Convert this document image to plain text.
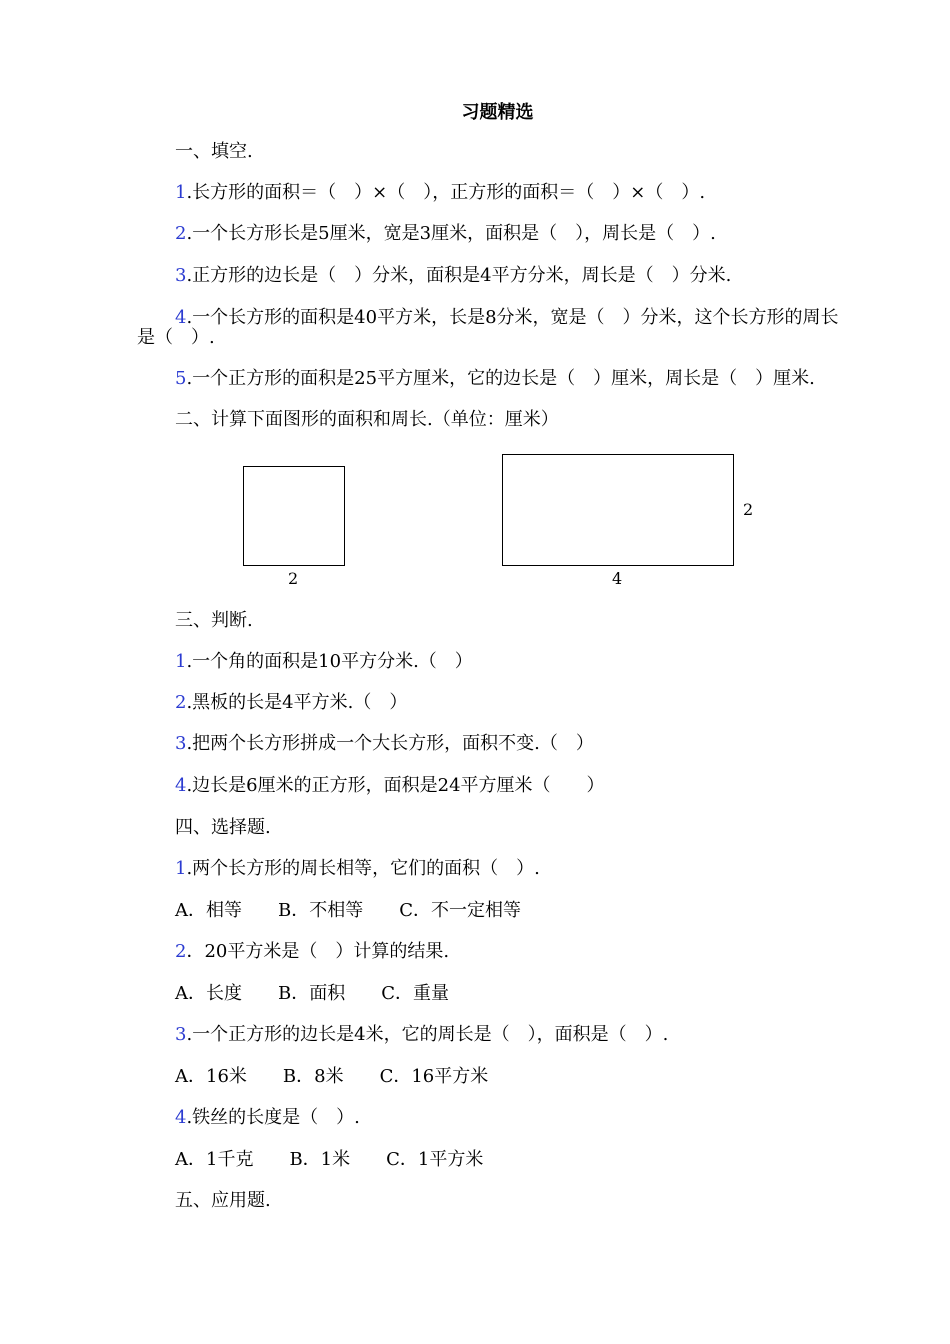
习题精选
一、填空.
1.长方形的面积＝（　）×（　），正方形的面积＝（　）×（　）.
2.一个长方形长是5厘米，宽是3厘米，面积是（　），周长是（　）.
3.正方形的边长是（　）分米，面积是4平方分米，周长是（　）分米.
4.一个长方形的面积是40平方米，长是8分米，宽是（　）分米，这个长方形的周长
是（　）.
5.一个正方形的面积是25平方厘米，它的边长是（　）厘米，周长是（　）厘米.
二、计算下面图形的面积和周长.（单位：厘米）
2	4
2
三、判断.
1.一个角的面积是10平方分米.（　）
2.黑板的长是4平方米.（　）
3.把两个长方形拼成一个大长方形，面积不变.（　）
4.边长是6厘米的正方形，面积是24平方厘米（　　）
四、选择题.
1.两个长方形的周长相等，它们的面积（　）.
A．相等　　B．不相等　　C．不一定相等
2．20平方米是（　）计算的结果.
A．长度　　B．面积　　C．重量
3.一个正方形的边长是4米，它的周长是（　），面积是（　）.
A．16米　　B．8米　　C．16平方米
4.铁丝的长度是（　）.
A．1千克　　B．1米　　C．1平方米
五、应用题.
